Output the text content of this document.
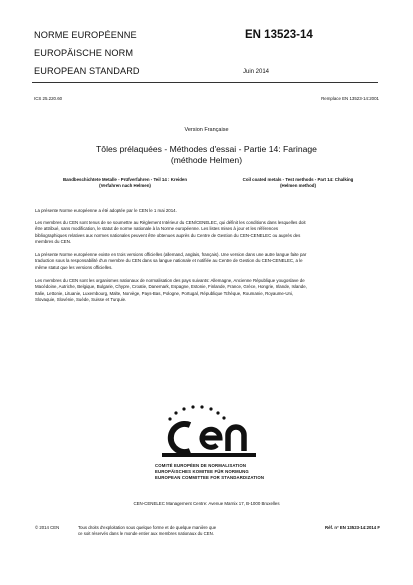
NORME EUROPÉENNE
EUROPÄISCHE NORM
EUROPEAN STANDARD
EN 13523-14
Juin 2014
ICS 25.220.60	Remplace EN 13523-14:2001
Version Française
Tôles prélaquées - Méthodes d'essai - Partie 14: Farinage
(méthode Helmen)
Bandbeschichtete Metalle - Prüfverfahren - Teil 14 : Kreiden
(Verfahren nach Helmen)
Coil coated metals - Test methods - Part 14: Chalking
(Helmen method)
La présente Norme européenne a été adoptée par le CEN le 1 mai 2014.
Les membres du CEN sont tenus de se soumettre au Règlement Intérieur du CEN/CENELEC, qui définit les conditions dans lesquelles doit
être attribué, sans modification, le statut de norme nationale à la Norme européenne. Les listes mises à jour et les références
bibliographiques relatives aux normes nationales peuvent être obtenues auprès du Centre de Gestion du CEN-CENELEC ou auprès des
membres du CEN.
La présente Norme européenne existe en trois versions officielles (allemand, anglais, français). Une version dans une autre langue faite par
traduction sous la responsabilité d'un membre du CEN dans sa langue nationale et notifiée au Centre de Gestion du CEN-CENELEC, a le
même statut que les versions officielles.
Les membres du CEN sont les organismes nationaux de normalisation des pays suivants: Allemagne, Ancienne République yougoslave de
Macédoine, Autriche, Belgique, Bulgarie, Chypre, Croatie, Danemark, Espagne, Estonie, Finlande, France, Grèce, Hongrie, Irlande, Islande,
Italie, Lettonie, Lituanie, Luxembourg, Malte, Norvège, Pays-Bas, Pologne, Portugal, République Tchèque, Roumanie, Royaume-Uni,
Slovaquie, Slovénie, Suède, Suisse et Turquie.
COMITÉ EUROPÉEN DE NORMALISATION
EUROPÄISCHES KOMITEE FÜR NORMUNG
EUROPEAN COMMITTEE FOR STANDARDIZATION
CEN-CENELEC Management Centre: Avenue Marnix 17, B-1000 Bruxelles
© 2014 CEN	Tous droits d'exploitation sous quelque forme et de quelque manière que
ce soit réservés dans le monde entier aux membres nationaux du CEN.
Réf. n° EN 13523-14:2014 F
